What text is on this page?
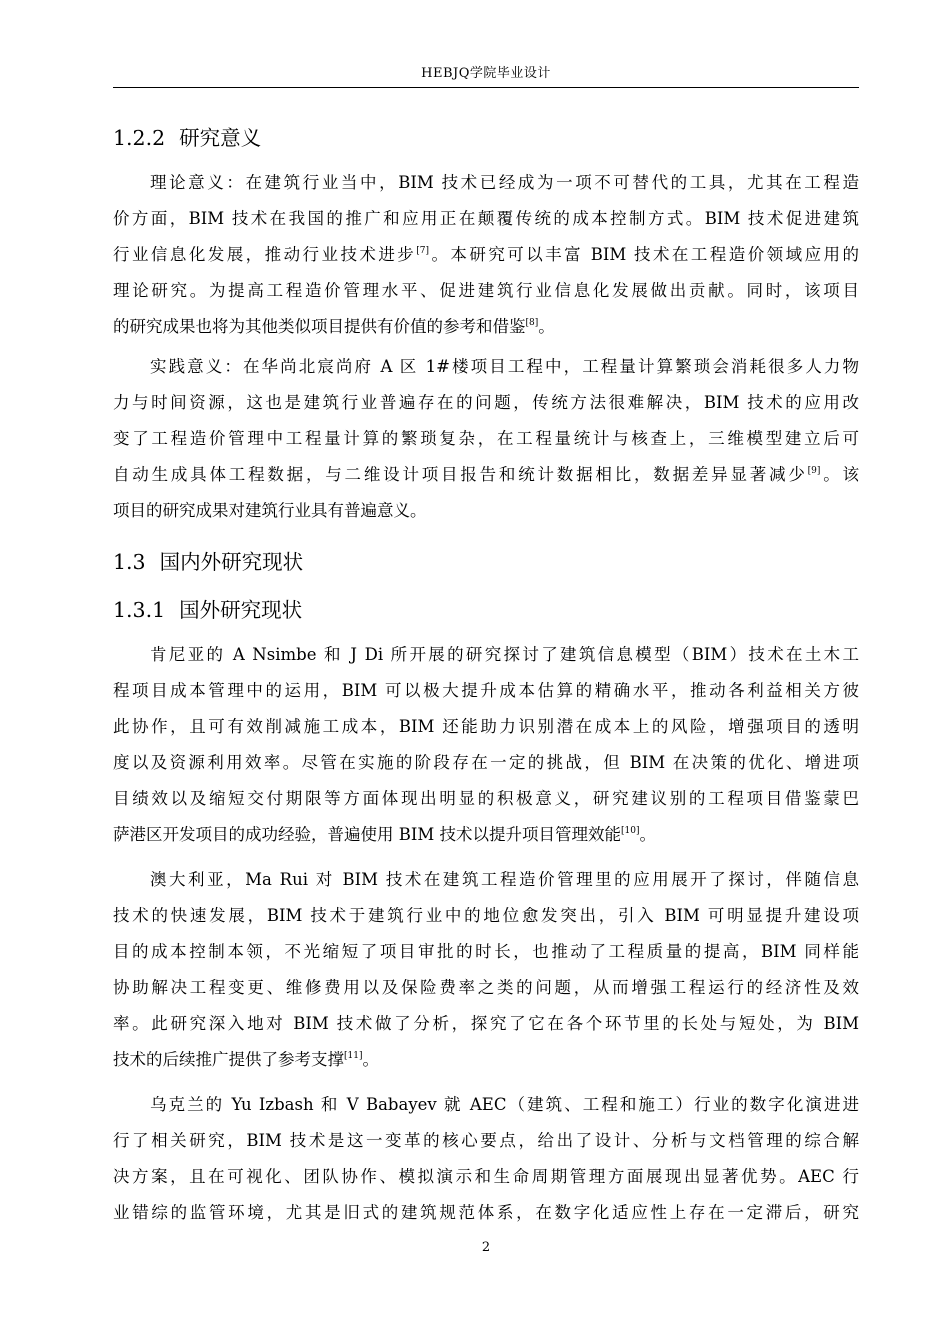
HEBJQ学院毕业设计
1.2.2 研究意义
理论意义：在建筑行业当中，BIM 技术已经成为一项不可替代的工具，尤其在工程造
价方面，BIM 技术在我国的推广和应用正在颠覆传统的成本控制方式。BIM 技术促进建筑
行业信息化发展，推动行业技术进步[7]。本研究可以丰富 BIM 技术在工程造价领域应用的
理论研究。为提高工程造价管理水平、促进建筑行业信息化发展做出贡献。同时，该项目
的研究成果也将为其他类似项目提供有价值的参考和借鉴[8]。
实践意义：在华尚北宸尚府 A 区 1#楼项目工程中，工程量计算繁琐会消耗很多人力物
力与时间资源，这也是建筑行业普遍存在的问题，传统方法很难解决，BIM 技术的应用改
变了工程造价管理中工程量计算的繁琐复杂，在工程量统计与核查上，三维模型建立后可
自动生成具体工程数据，与二维设计项目报告和统计数据相比，数据差异显著减少[9]。该
项目的研究成果对建筑行业具有普遍意义。
1.3 国内外研究现状
1.3.1 国外研究现状
肯尼亚的 A Nsimbe 和 J Di 所开展的研究探讨了建筑信息模型（BIM）技术在土木工
程项目成本管理中的运用，BIM 可以极大提升成本估算的精确水平，推动各利益相关方彼
此协作，且可有效削减施工成本，BIM 还能助力识别潜在成本上的风险，增强项目的透明
度以及资源利用效率。尽管在实施的阶段存在一定的挑战，但 BIM 在决策的优化、增进项
目绩效以及缩短交付期限等方面体现出明显的积极意义，研究建议别的工程项目借鉴蒙巴
萨港区开发项目的成功经验，普遍使用 BIM 技术以提升项目管理效能[10]。
澳大利亚，Ma Rui 对 BIM 技术在建筑工程造价管理里的应用展开了探讨，伴随信息
技术的快速发展，BIM 技术于建筑行业中的地位愈发突出，引入 BIM 可明显提升建设项
目的成本控制本领，不光缩短了项目审批的时长，也推动了工程质量的提高，BIM 同样能
协助解决工程变更、维修费用以及保险费率之类的问题，从而增强工程运行的经济性及效
率。此研究深入地对 BIM 技术做了分析，探究了它在各个环节里的长处与短处，为 BIM
技术的后续推广提供了参考支撑[11]。
乌克兰的 Yu Izbash 和 V Babayev 就 AEC（建筑、工程和施工）行业的数字化演进进
行了相关研究，BIM 技术是这一变革的核心要点，给出了设计、分析与文档管理的综合解
决方案，且在可视化、团队协作、模拟演示和生命周期管理方面展现出显著优势。AEC 行
业错综的监管环境，尤其是旧式的建筑规范体系，在数字化适应性上存在一定滞后，研究
2
